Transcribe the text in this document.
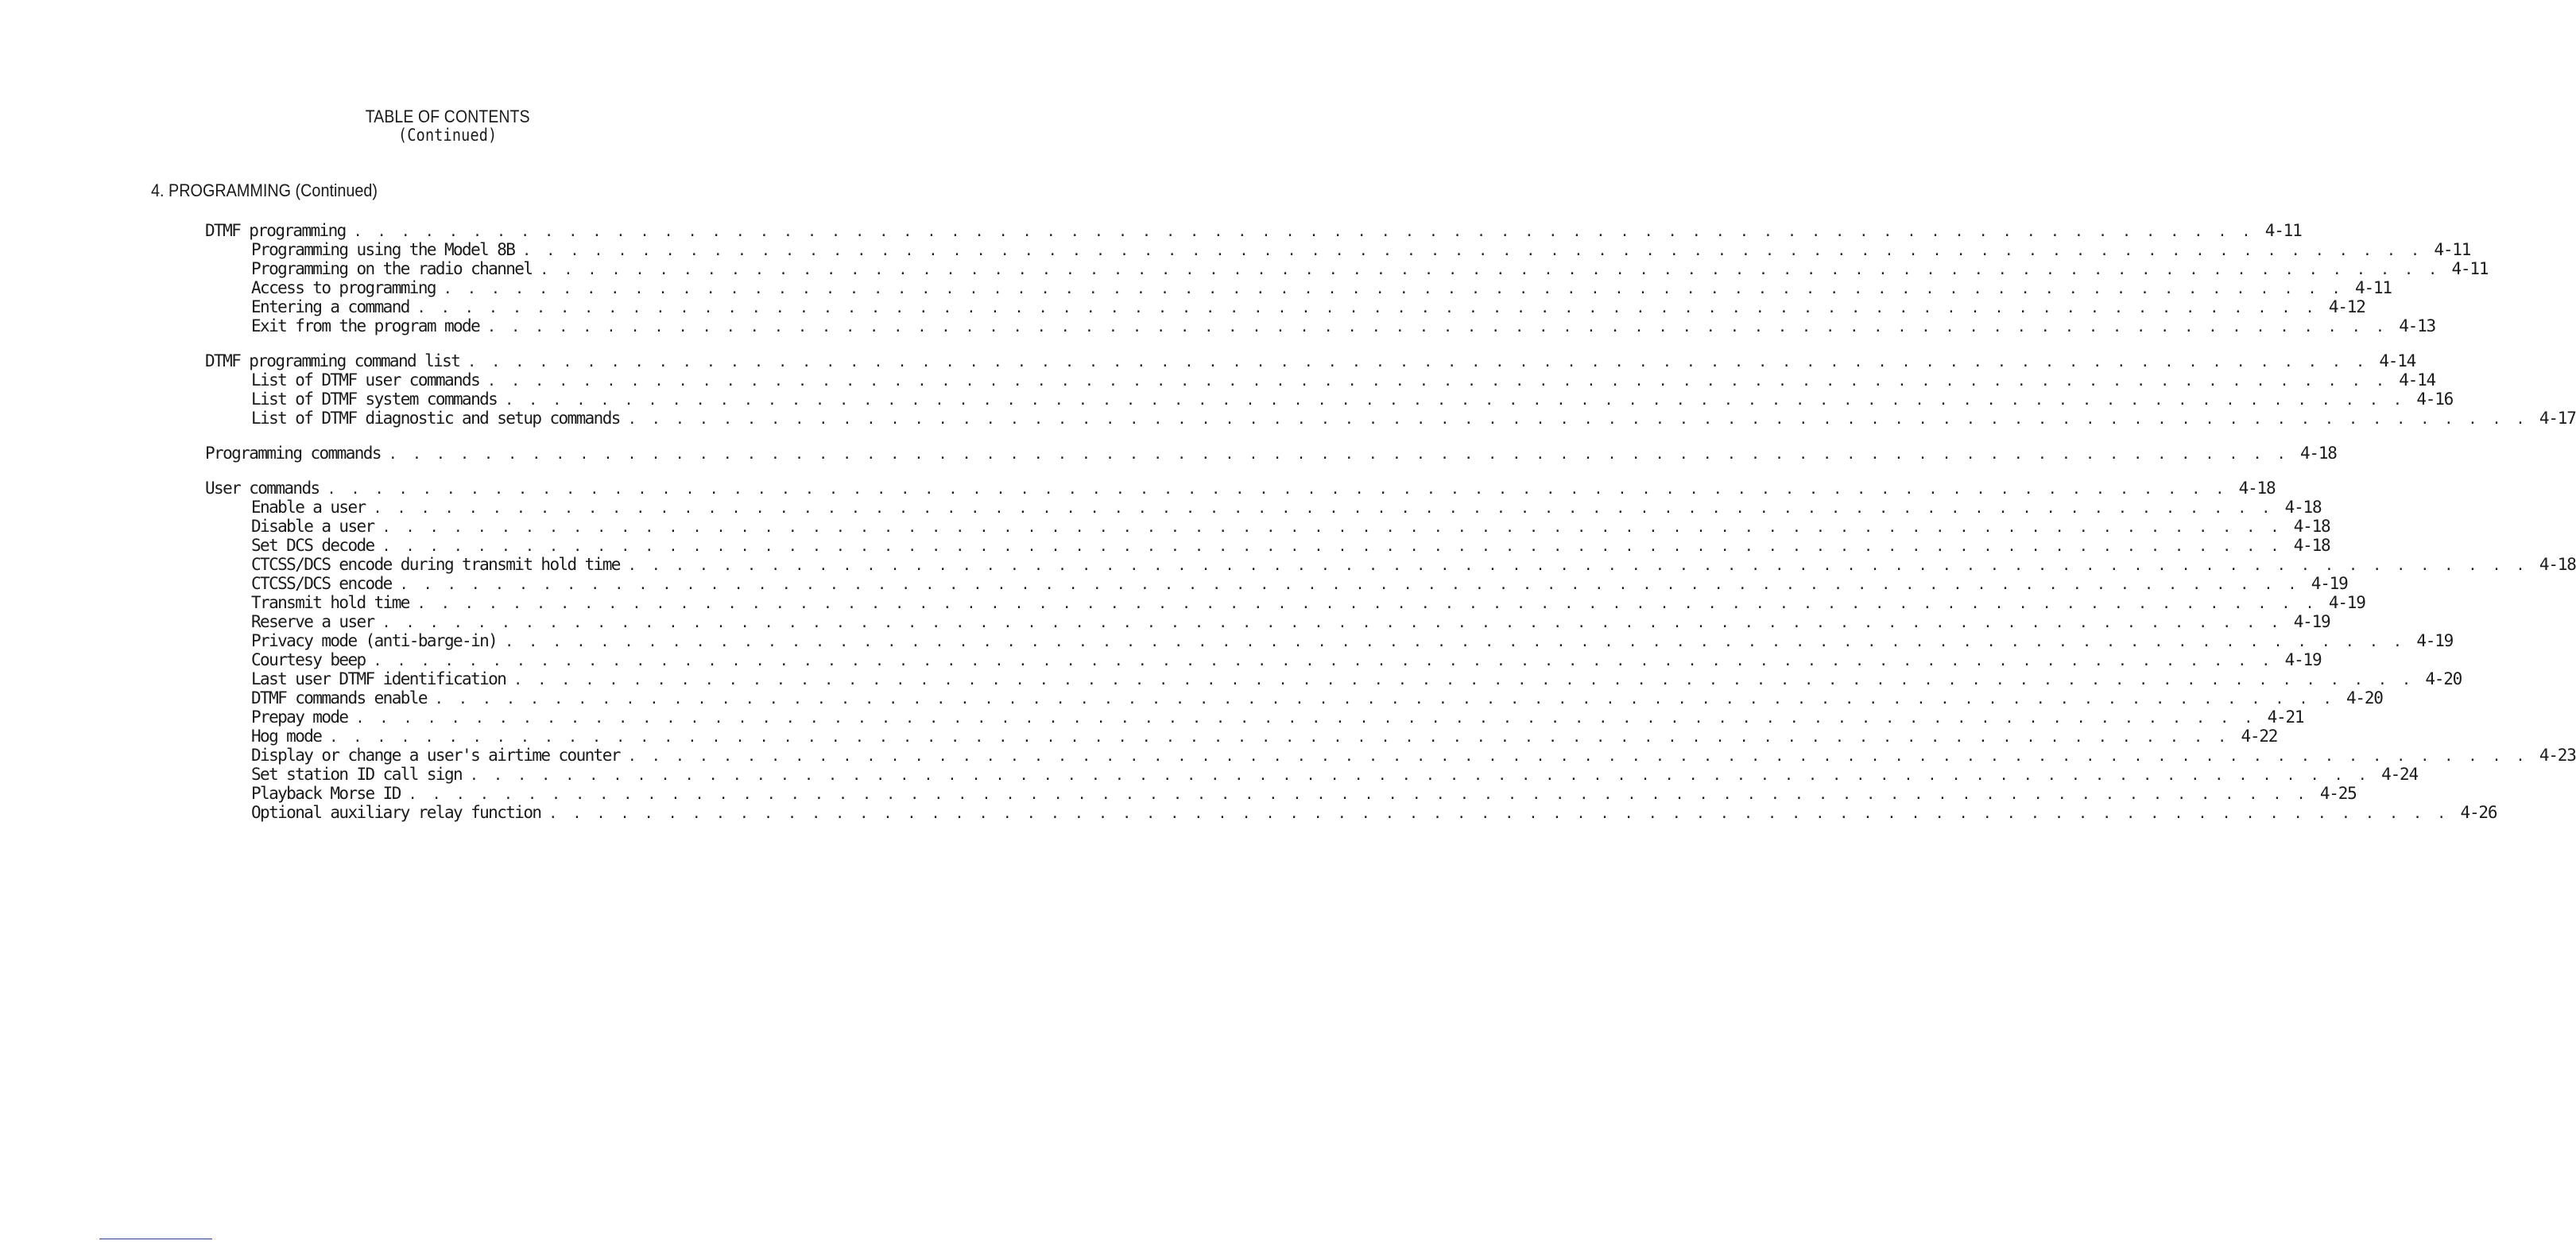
TABLE OF CONTENTS
(Continued)
4. PROGRAMMING (Continued)
DTMF programming . . . . . . . . . . . . . . . . . . . . . . . . . . . . . . . . . . . . . . . . . . . . . . . . . . . . . . . . . . . . . . . . . . . . . . . . . . . . . . . . 4-11
Programming using the Model 8B . . . . . . . . . . . . . . . . . . . . . . . . . . . . . . . . . . . . . . . . . . . . . . . . . . . . . . . . . . . . . . . . . . . . . . . . . . . . . . . . 4-11
Programming on the radio channel . . . . . . . . . . . . . . . . . . . . . . . . . . . . . . . . . . . . . . . . . . . . . . . . . . . . . . . . . . . . . . . . . . . . . . . . . . . . . . . . 4-11
Access to programming . . . . . . . . . . . . . . . . . . . . . . . . . . . . . . . . . . . . . . . . . . . . . . . . . . . . . . . . . . . . . . . . . . . . . . . . . . . . . . . . 4-11
Entering a command . . . . . . . . . . . . . . . . . . . . . . . . . . . . . . . . . . . . . . . . . . . . . . . . . . . . . . . . . . . . . . . . . . . . . . . . . . . . . . . . 4-12
Exit from the program mode . . . . . . . . . . . . . . . . . . . . . . . . . . . . . . . . . . . . . . . . . . . . . . . . . . . . . . . . . . . . . . . . . . . . . . . . . . . . . . . . 4-13
DTMF programming command list . . . . . . . . . . . . . . . . . . . . . . . . . . . . . . . . . . . . . . . . . . . . . . . . . . . . . . . . . . . . . . . . . . . . . . . . . . . . . . . . 4-14
List of DTMF user commands . . . . . . . . . . . . . . . . . . . . . . . . . . . . . . . . . . . . . . . . . . . . . . . . . . . . . . . . . . . . . . . . . . . . . . . . . . . . . . . . 4-14
List of DTMF system commands . . . . . . . . . . . . . . . . . . . . . . . . . . . . . . . . . . . . . . . . . . . . . . . . . . . . . . . . . . . . . . . . . . . . . . . . . . . . . . . . 4-16
List of DTMF diagnostic and setup commands . . . . . . . . . . . . . . . . . . . . . . . . . . . . . . . . . . . . . . . . . . . . . . . . . . . . . . . . . . . . . . . . . . . . . . . . . . . . . . . . 4-17
Programming commands . . . . . . . . . . . . . . . . . . . . . . . . . . . . . . . . . . . . . . . . . . . . . . . . . . . . . . . . . . . . . . . . . . . . . . . . . . . . . . . . 4-18
User commands . . . . . . . . . . . . . . . . . . . . . . . . . . . . . . . . . . . . . . . . . . . . . . . . . . . . . . . . . . . . . . . . . . . . . . . . . . . . . . . . 4-18
Enable a user . . . . . . . . . . . . . . . . . . . . . . . . . . . . . . . . . . . . . . . . . . . . . . . . . . . . . . . . . . . . . . . . . . . . . . . . . . . . . . . . 4-18
Disable a user . . . . . . . . . . . . . . . . . . . . . . . . . . . . . . . . . . . . . . . . . . . . . . . . . . . . . . . . . . . . . . . . . . . . . . . . . . . . . . . . 4-18
Set DCS decode . . . . . . . . . . . . . . . . . . . . . . . . . . . . . . . . . . . . . . . . . . . . . . . . . . . . . . . . . . . . . . . . . . . . . . . . . . . . . . . . 4-18
CTCSS/DCS encode during transmit hold time . . . . . . . . . . . . . . . . . . . . . . . . . . . . . . . . . . . . . . . . . . . . . . . . . . . . . . . . . . . . . . . . . . . . . . . . . . . . . . . . 4-18
CTCSS/DCS encode . . . . . . . . . . . . . . . . . . . . . . . . . . . . . . . . . . . . . . . . . . . . . . . . . . . . . . . . . . . . . . . . . . . . . . . . . . . . . . . . 4-19
Transmit hold time . . . . . . . . . . . . . . . . . . . . . . . . . . . . . . . . . . . . . . . . . . . . . . . . . . . . . . . . . . . . . . . . . . . . . . . . . . . . . . . . 4-19
Reserve a user . . . . . . . . . . . . . . . . . . . . . . . . . . . . . . . . . . . . . . . . . . . . . . . . . . . . . . . . . . . . . . . . . . . . . . . . . . . . . . . . 4-19
Privacy mode (anti-barge-in) . . . . . . . . . . . . . . . . . . . . . . . . . . . . . . . . . . . . . . . . . . . . . . . . . . . . . . . . . . . . . . . . . . . . . . . . . . . . . . . . 4-19
Courtesy beep . . . . . . . . . . . . . . . . . . . . . . . . . . . . . . . . . . . . . . . . . . . . . . . . . . . . . . . . . . . . . . . . . . . . . . . . . . . . . . . . 4-19
Last user DTMF identification . . . . . . . . . . . . . . . . . . . . . . . . . . . . . . . . . . . . . . . . . . . . . . . . . . . . . . . . . . . . . . . . . . . . . . . . . . . . . . . . 4-20
DTMF commands enable . . . . . . . . . . . . . . . . . . . . . . . . . . . . . . . . . . . . . . . . . . . . . . . . . . . . . . . . . . . . . . . . . . . . . . . . . . . . . . . . 4-20
Prepay mode . . . . . . . . . . . . . . . . . . . . . . . . . . . . . . . . . . . . . . . . . . . . . . . . . . . . . . . . . . . . . . . . . . . . . . . . . . . . . . . . 4-21
Hog mode . . . . . . . . . . . . . . . . . . . . . . . . . . . . . . . . . . . . . . . . . . . . . . . . . . . . . . . . . . . . . . . . . . . . . . . . . . . . . . . . 4-22
Display or change a user's airtime counter . . . . . . . . . . . . . . . . . . . . . . . . . . . . . . . . . . . . . . . . . . . . . . . . . . . . . . . . . . . . . . . . . . . . . . . . . . . . . . . . 4-23
Set station ID call sign . . . . . . . . . . . . . . . . . . . . . . . . . . . . . . . . . . . . . . . . . . . . . . . . . . . . . . . . . . . . . . . . . . . . . . . . . . . . . . . . 4-24
Playback Morse ID . . . . . . . . . . . . . . . . . . . . . . . . . . . . . . . . . . . . . . . . . . . . . . . . . . . . . . . . . . . . . . . . . . . . . . . . . . . . . . . . 4-25
Optional auxiliary relay function . . . . . . . . . . . . . . . . . . . . . . . . . . . . . . . . . . . . . . . . . . . . . . . . . . . . . . . . . . . . . . . . . . . . . . . . . . . . . . . . 4-26
